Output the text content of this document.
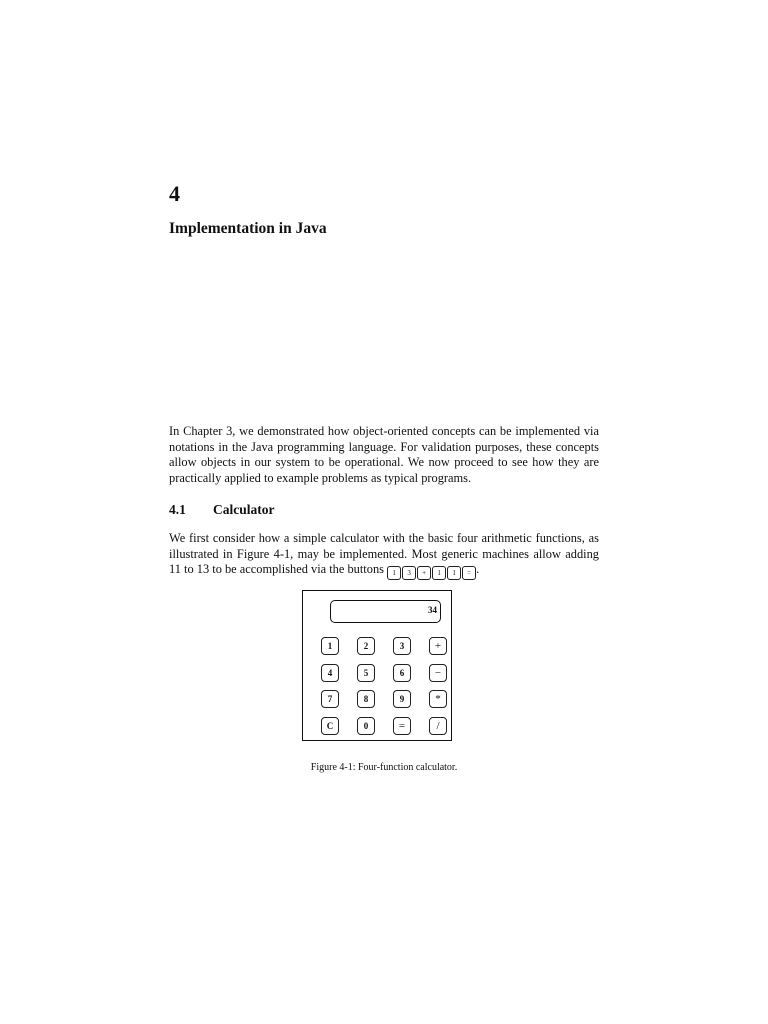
4
Implementation in Java

In Chapter 3, we demonstrated how object-oriented concepts can be implemented via notations in the Java programming language. For validation purposes, these concepts allow objects in our system to be operational. We now proceed to see how they are practically applied to example problems as typical programs.

4.1 Calculator

We first consider how a simple calculator with the basic four arithmetic functions, as illustrated in Figure 4-1, may be implemented. Most generic machines allow adding 11 to 13 to be accomplished via the buttons	1	3	+	1	1	= .

34
1	2	3	+
4	5	6	−
7	8	9	*
C	0	=	/

Figure 4-1: Four-function calculator.
